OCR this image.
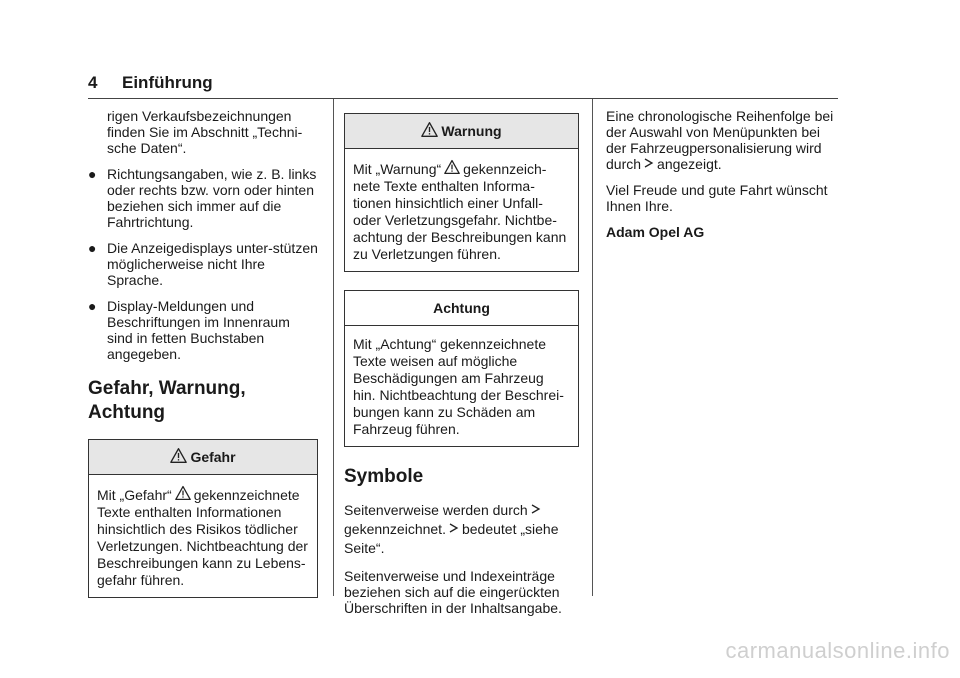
4 Einführung

rigen Verkaufsbezeichnungen finden Sie im Abschnitt „Techni-sche Daten“.

● Richtungsangaben, wie z. B. links oder rechts bzw. vorn oder hinten beziehen sich immer auf die Fahrtrichtung.
● Die Anzeigedisplays unter-stützen möglicherweise nicht Ihre Sprache.
● Display-Meldungen und Beschriftungen im Innenraum sind in fetten Buchstaben angegeben.
Gefahr, Warnung, Achtung
Gefahr
Mit „Gefahr“ gekennzeichnete Texte enthalten Informationen hinsichtlich des Risikos tödlicher Verletzungen. Nichtbeachtung der Beschreibungen kann zu Lebens-gefahr führen.
Warnung
Mit „Warnung“ gekennzeich-nete Texte enthalten Informa-tionen hinsichtlich einer Unfall- oder Verletzungsgefahr. Nichtbe-achtung der Beschreibungen kann zu Verletzungen führen.
Achtung
Mit „Achtung“ gekennzeichnete Texte weisen auf mögliche Beschädigungen am Fahrzeug hin. Nichtbeachtung der Beschrei-bungen kann zu Schäden am Fahrzeug führen.
Symbole

Seitenverweise werden durch
gekennzeichnet. bedeutet „siehe Seite“.

Seitenverweise und Indexeinträge beziehen sich auf die eingerückten Überschriften in der Inhaltsangabe.

Eine chronologische Reihenfolge bei der Auswahl von Menüpunkten bei der Fahrzeugpersonalisierung wird durch angezeigt.

Viel Freude und gute Fahrt wünscht Ihnen Ihre.

Adam Opel AG

carmanualsonline.info
